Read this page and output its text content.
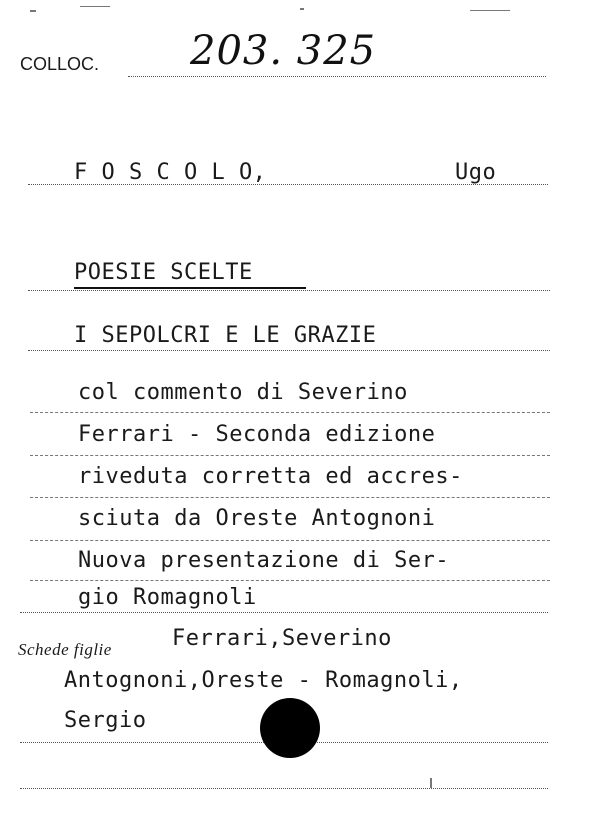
COLLOC. 203. 325
F O S C O L O,	Ugo
POESIE SCELTE
I SEPOLCRI E LE GRAZIE
col commento di Severino
Ferrari - Seconda edizione
riveduta corretta ed accres-
sciuta da Oreste Antognoni
Nuova presentazione di Ser-
gio Romagnoli
Schede figlie	Ferrari,Severino
Antognoni,Oreste - Romagnoli,
Sergio
